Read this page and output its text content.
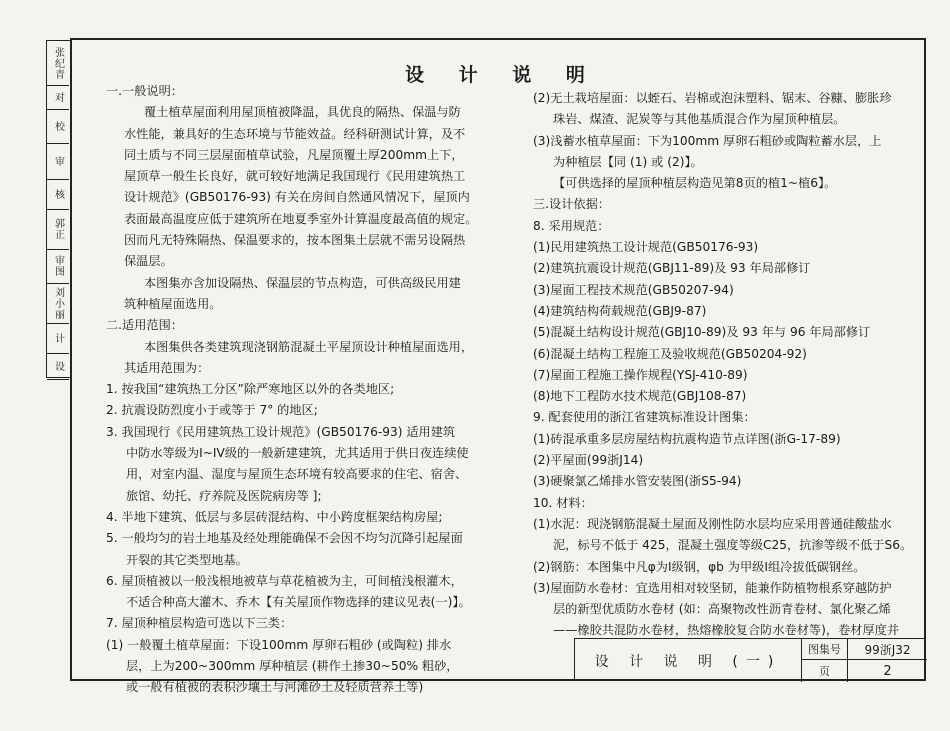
张纪青
对
校
审
核
郭正
审图
刘小丽
计
设
设 计 说 明
一.一般说明：
覆土植草屋面利用屋顶植被降温，具优良的隔热、保温与防
水性能，兼具好的生态环境与节能效益。经科研测试计算，及不
同土质与不同三层屋面植草试验，凡屋顶覆土厚200mm上下，
屋顶草一般生长良好，就可较好地满足我国现行《民用建筑热工
设计规范》(GB50176-93) 有关在房间自然通风情况下，屋顶内
表面最高温度应低于建筑所在地夏季室外计算温度最高值的规定。
因而凡无特殊隔热、保温要求的，按本图集土层就不需另设隔热
保温层。
本图集亦含加设隔热、保温层的节点构造，可供高级民用建
筑种植屋面选用。
二.适用范围：
本图集供各类建筑现浇钢筋混凝土平屋顶设计种植屋面选用，
其适用范围为：
1. 按我国“建筑热工分区”除严寒地区以外的各类地区;
2. 抗震设防烈度小于或等于 7° 的地区;
3. 我国现行《民用建筑热工设计规范》(GB50176-93) 适用建筑
中防水等级为I~IV级的一般新建建筑，尤其适用于供日夜连续使
用，对室内温、湿度与屋顶生态环境有较高要求的住宅、宿舍、
旅馆、幼托、疗养院及医院病房等 ];
4. 半地下建筑、低层与多层砖混结构、中小跨度框架结构房屋;
5. 一般均匀的岩土地基及经处理能确保不会因不均匀沉降引起屋面
开裂的其它类型地基。
6. 屋顶植被以一般浅根地被草与草花植被为主，可间植浅根灌木，
不适合种高大灌木、乔木【有关屋顶作物选择的建议见表(一)】。
7. 屋顶种植层构造可选以下三类：
(1) 一般覆土植草屋面：下设100mm 厚卵石粗砂 (或陶粒) 排水
层，上为200~300mm 厚种植层 (耕作土掺30~50% 粗砂，
或一般有植被的表积沙壤土与河滩砂土及轻质营养土等)
(2)无土栽培屋面：以蛭石、岩棉或泡沫塑料、锯末、谷糠、膨胀珍
珠岩、煤渣、泥炭等与其他基质混合作为屋顶种植层。
(3)浅蓄水植草屋面：下为100mm 厚卵石粗砂或陶粒蓄水层，上
为种植层【同 (1) 或 (2)】。
【可供选择的屋顶种植层构造见第8页的植1~植6】。
三.设计依据：
8. 采用规范：
(1)民用建筑热工设计规范(GB50176-93)
(2)建筑抗震设计规范(GBJ11-89)及 93 年局部修订
(3)屋面工程技术规范(GB50207-94)
(4)建筑结构荷载规范(GBJ9-87)
(5)混凝土结构设计规范(GBJ10-89)及 93 年与 96 年局部修订
(6)混凝土结构工程施工及验收规范(GB50204-92)
(7)屋面工程施工操作规程(YSJ-410-89)
(8)地下工程防水技术规范(GBJ108-87)
9. 配套使用的浙江省建筑标准设计图集：
(1)砖混承重多层房屋结构抗震构造节点详图(浙G-17-89)
(2)平屋面(99浙J14)
(3)硬聚氯乙烯排水管安装图(浙S5-94)
10. 材料：
(1)水泥：现浇钢筋混凝土屋面及刚性防水层均应采用普通硅酸盐水
泥，标号不低于 425，混凝土强度等级C25，抗渗等级不低于S6。
(2)钢筋：本图集中凡φ为I级钢，φb 为甲级I组冷拔低碳钢丝。
(3)屋面防水卷材：宜选用相对较坚韧，能兼作防植物根系穿越防护
层的新型优质防水卷材 (如：高聚物改性沥青卷材、氯化聚乙烯
——橡胶共混防水卷材，热熔橡胶复合防水卷材等)，卷材厚度并
设 计 说 明 (一)
图集号	99浙J32
页	2
